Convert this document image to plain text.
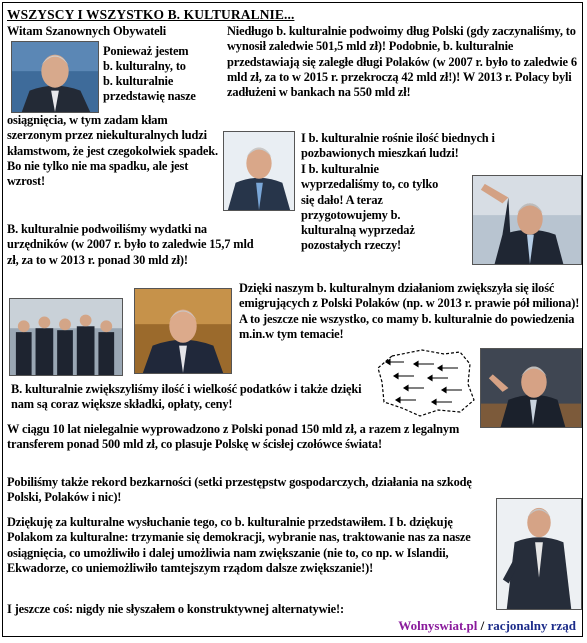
WSZYSCY I WSZYSTKO B. KULTURALNIE...
Witam Szanownych Obywateli
Ponieważ jestem
b. kulturalny, to
b. kulturalnie
przedstawię nasze
osiągnięcia, w tym zadam kłam szerzonym przez niekulturalnych ludzi kłamstwom, że jest czegokolwiek spadek. Bo nie tylko nie ma spadku, ale jest wzrost!
B. kulturalnie podwoiliśmy wydatki na urzędników (w 2007 r. było to zaledwie 15,7 mld zł, za to w 2013 r. ponad 30 mld zł)!
Niedługo b. kulturalnie podwoimy dług Polski (gdy zaczynaliśmy, to wynosił zaledwie 501,5 mld zł)! Podobnie, b. kulturalnie przedstawiają się zaległe długi Polaków (w 2007 r. było to zaledwie 6 mld zł, za to w 2015 r. przekroczą 42 mld zł!)! W 2013 r. Polacy byli zadłużeni w bankach na 550 mld zł!
I b. kulturalnie rośnie ilość biednych i pozbawionych mieszkań ludzi!
I b. kulturalnie wyprzedaliśmy to, co tylko się dało! A teraz przygotowujemy b. kulturalną wyprzedaż pozostałych rzeczy!
Dzięki naszym b. kulturalnym działaniom zwiększyła się ilość emigrujących z Polski Polaków (np. w 2013 r. prawie pół miliona)! A to jeszcze nie wszystko, co mamy b. kulturalnie do powiedzenia m.in.w tym temacie!
B. kulturalnie zwiększyliśmy ilość i wielkość podatków i także dzięki nam są coraz większe składki, opłaty, ceny!
W ciągu 10 lat nielegalnie wyprowadzono z Polski ponad 150 mld zł, a razem z legalnym transferem ponad 500 mld zł, co plasuje Polskę w ścisłej czołówce świata!
Pobiliśmy także rekord bezkarności (setki przestępstw gospodarczych, działania na szkodę Polski, Polaków i nic)!
Dziękuję za kulturalne wysłuchanie tego, co b. kulturalnie przedstawiłem. I b. dziękuję Polakom za kulturalne: trzymanie się demokracji, wybranie nas, traktowanie nas za nasze osiągnięcia, co umożliwiło i dalej umożliwia nam zwiększanie (nie to, co np. w Islandii, Ekwadorze, co uniemożliwiło tamtejszym rządom dalsze zwiększanie!)!
I jeszcze coś: nigdy nie słyszałem o konstruktywnej alternatywie!:
Wolnyswiat.pl / racjonalny rząd
